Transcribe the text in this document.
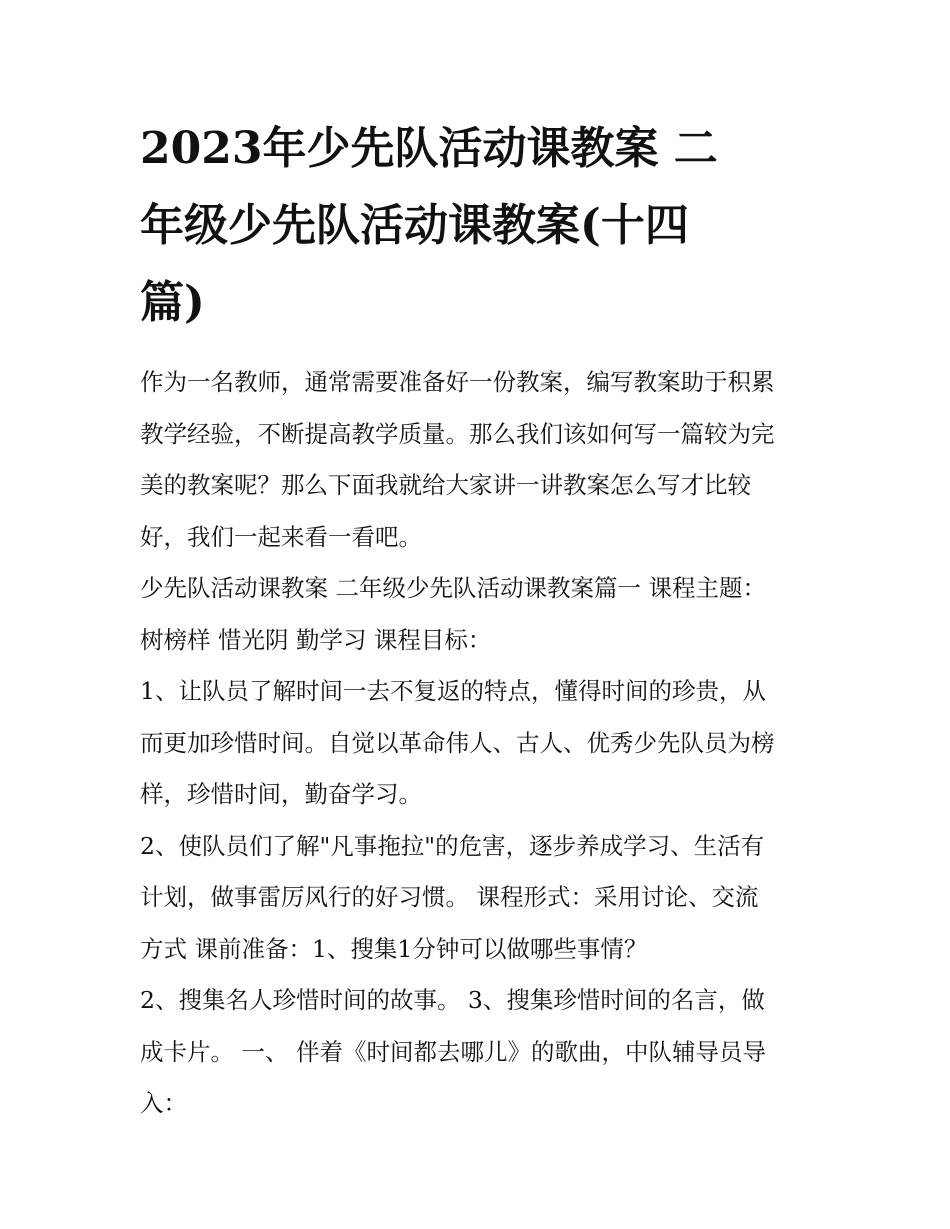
2023年少先队活动课教案 二
年级少先队活动课教案(十四
篇)
作为一名教师，通常需要准备好一份教案，编写教案助于积累
教学经验，不断提高教学质量。那么我们该如何写一篇较为完
美的教案呢？那么下面我就给大家讲一讲教案怎么写才比较
好，我们一起来看一看吧。
少先队活动课教案 二年级少先队活动课教案篇一 课程主题：
树榜样 惜光阴 勤学习 课程目标：
1、让队员了解时间一去不复返的特点，懂得时间的珍贵，从
而更加珍惜时间。自觉以革命伟人、古人、优秀少先队员为榜
样，珍惜时间，勤奋学习。
2、使队员们了解"凡事拖拉"的危害，逐步养成学习、生活有
计划，做事雷厉风行的好习惯。 课程形式：采用讨论、交流
方式 课前准备：1、搜集1分钟可以做哪些事情？
2、搜集名人珍惜时间的故事。 3、搜集珍惜时间的名言，做
成卡片。 一、 伴着《时间都去哪儿》的歌曲，中队辅导员导
入：
